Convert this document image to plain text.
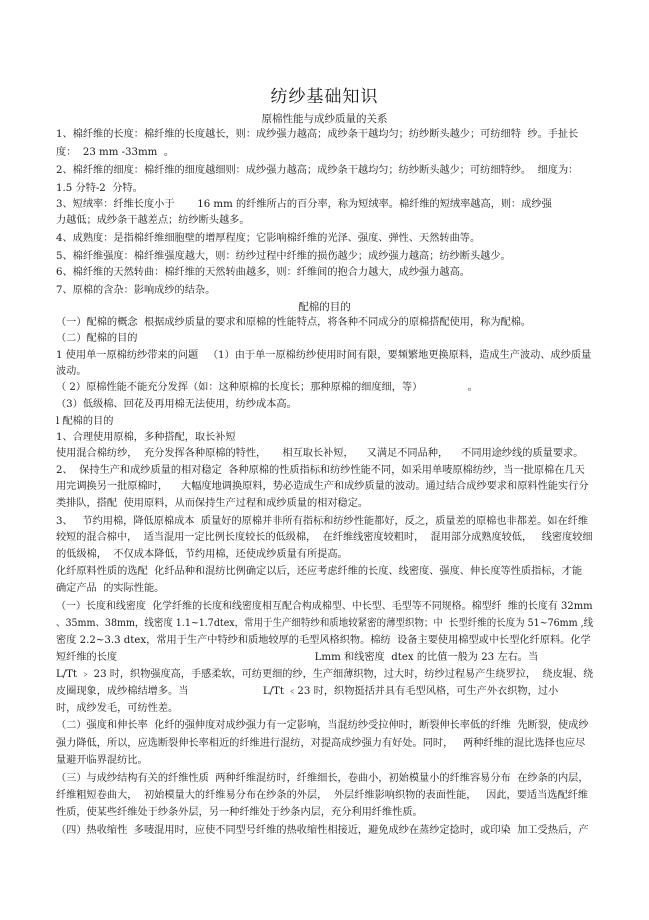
纺纱基础知识
原棉性能与成纱质量的关系
1、棉纤维的长度：棉纤维的长度越长，则：成纱强力越高；成纱条干越均匀；纺纱断头越少；可纺细特  纱。手扯长
度：  23 mm -33mm  。
2、棉纤维的细度：棉纤维的细度越细则：成纱强力越高；成纱条干越均匀；纺纱断头越少；可纺细特纱。  细度为：
1.5 分特-2  分特。
3、短绒率：纤维长度小于       16 mm 的纤维所占的百分率，称为短绒率。棉纤维的短绒率越高，则：成纱强
力越低；成纱条干越差点；纺纱断头越多。
4、成熟度：是指棉纤维细胞壁的增厚程度；它影响棉纤维的光泽、强度、弹性、天然转曲等。
5、棉纤维强度：棉纤维强度越大，则：纺纱过程中纤维的损伤越少；成纱强力越高；纺纱断头越少。
6、棉纤维的天然转曲：棉纤维的天然转曲越多，则：纤维间的抱合力越大，成纱强力越高。
7、原棉的含杂：影响成纱的结杂。
配棉的目的
（一）配棉的概念  根据成纱质量的要求和原棉的性能特点，将各种不同成分的原棉搭配使用，称为配棉。
（二）配棉的目的
1 使用单一原棉纺纱带来的问题   （1）由于单一原棉纺纱使用时间有限，要频繁地更换原料，造成生产波动、成纱质量
波动。
（ 2）原棉性能不能充分发挥（如：这种原棉的长度长；那种原棉的细度细，等）              。
（3）低级棉、回花及再用棉无法使用，纺纱成本高。
l 配棉的目的
1、合理使用原棉，多种搭配，取长补短
使用混合棉纺纱，  充分发挥各种原棉的特性，     相互取长补短，    又满足不同品种，    不同用途纱线的质量要求。
2、  保持生产和成纱质量的相对稳定  各种原棉的性质指标和纺纱性能不同，如采用单唛原棉纺纱，当一批原棉在几天
用完调换另一批原棉时，    大幅度地调换原料，势必造成生产和成纱质量的波动。通过结合成纱要求和原料性能实行分
类排队，搭配  使用原料，从而保持生产过程和成纱质量的相对稳定。
3、   节约用棉，降低原棉成本  质量好的原棉并非所有指标和纺纱性能都好，反之，质量差的原棉也非都差。如在纤维
较短的混合棉中，  适当混用一定比例长度较长的低级棉，  在纤维线密度较粗时，  混用部分成熟度较低，   线密度较细
的低级棉，  不仅成本降低，节约用棉，还使成纱质量有所提高。
化纤原料性质的选配  化纤品种和混纺比例确定以后，还应考虑纤维的长度、线密度、强度、伸长度等性质指标，才能
确定产品  的实际性能。
（一）长度和线密度  化学纤维的长度和线密度相互配合构成棉型、中长型、毛型等不同规格。棉型纤  维的长度有 32mm
、35mm、38mm，线密度 1.1~1.7dtex，常用于生产细特纱和质地较紧密的薄型织物；中  长型纤维的长度为 51~76mm ,线
密度 2.2~3.3 dtex，常用于生产中特纱和质地较厚的毛型风格织物。棉纺  设备主要使用棉型或中长型化纤原料。化学
短纤维的长度                                                             Lmm 和线密度  dtex 的比值一般为 23 左右。当
L/Tt ﹥ 23 时，织物强度高，手感柔软，可纺更细的纱，生产细薄织物，过大时，纺纱过程易产生绕罗拉，  绕皮辊、绕
皮圈现象，成纱棉结增多。当                       L/Tt ﹤23 时，织物挺括并具有毛型风格，可生产外衣织物，过小
时，成纱发毛，可纺性差。
（二）强度和伸长率  化纤的强伸度对成纱强力有一定影响，当混纺纱受拉伸时，断裂伸长率低的纤维  先断裂，使成纱
强力降低，所以，应选断裂伸长率相近的纤维进行混纺，对提高成纱强力有好处。同时，   两种纤维的混比选择也应尽
量避开临界混纺比。
（三）与成纱结构有关的纤维性质  两种纤维混纺时，纤维细长，卷曲小，初始模量小的纤维容易分布  在纱条的内层，
纤维粗短卷曲大，  初始模量大的纤维易分布在纱条的外层，  外层纤维影响织物的表面性能，   因此，要适当选配纤维
性质，使某些纤维处于纱条外层，另一种纤维处于纱条内层，充分利用纤维性质。
（四）热收缩性  多唛混用时，应使不同型号纤维的热收缩性相接近，避免成纱在蒸纱定捻时，或印染  加工受热后，产
